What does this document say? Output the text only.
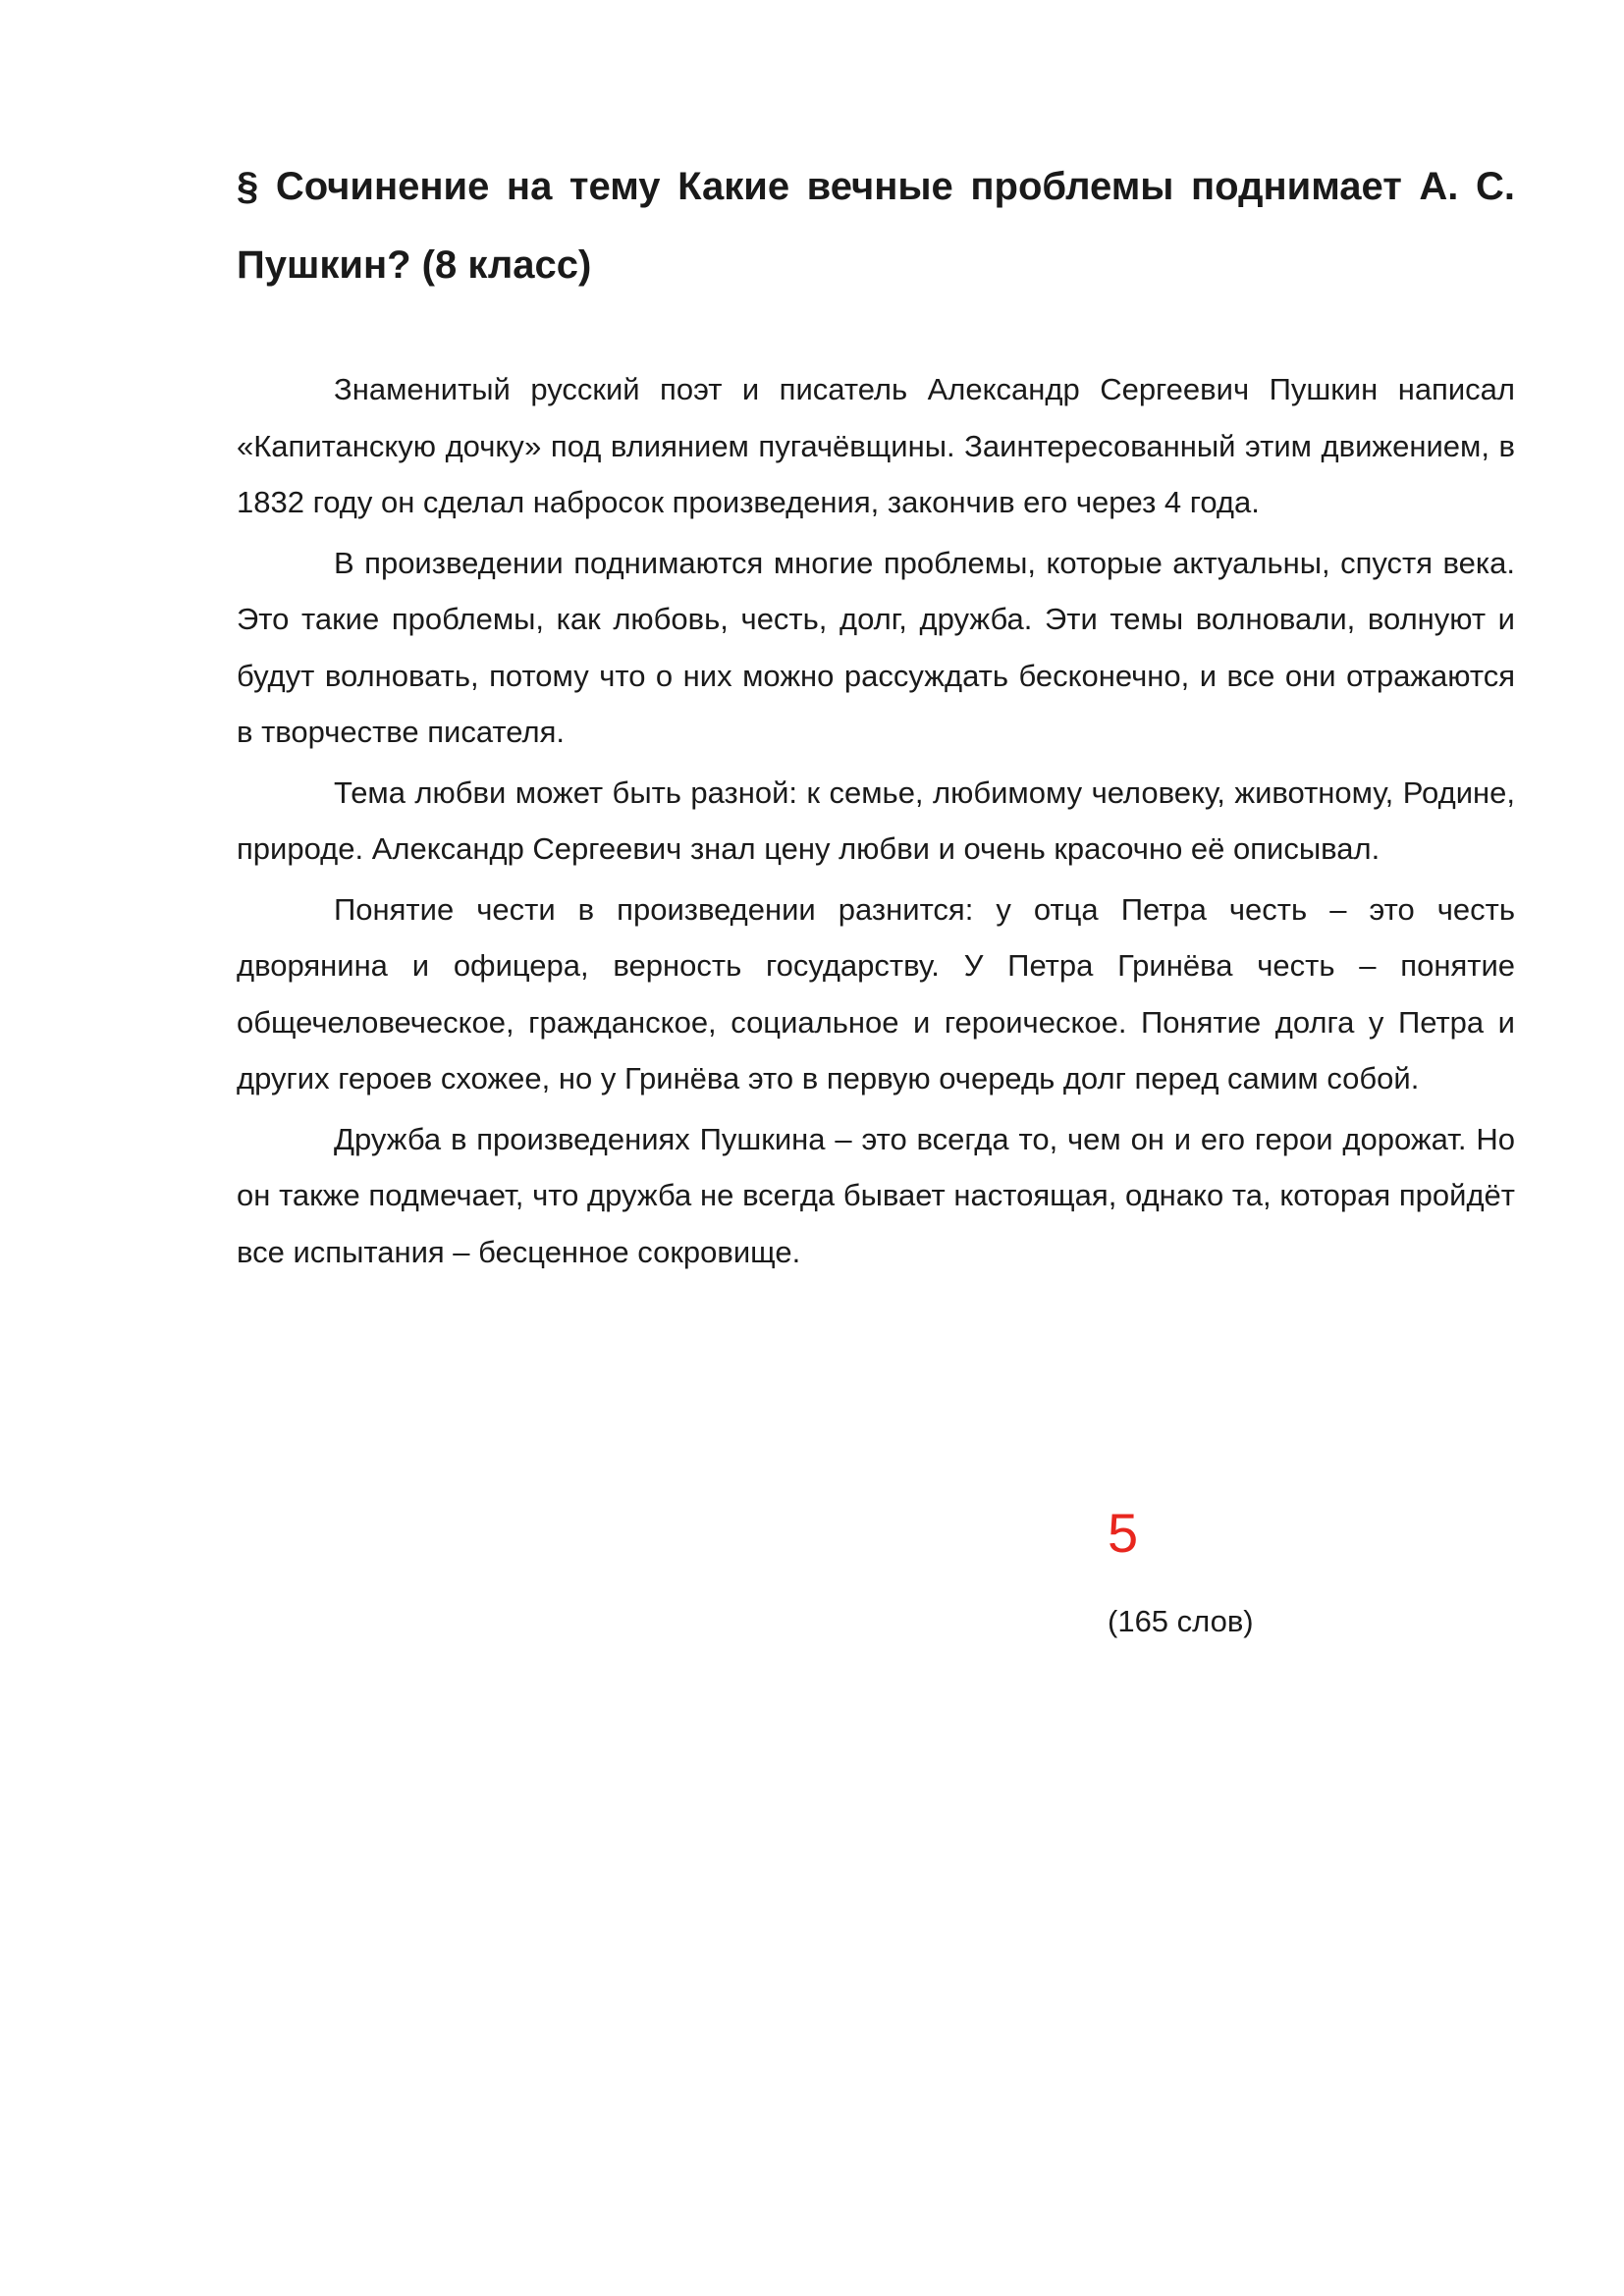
§ Сочинение на тему Какие вечные проблемы поднимает А. С. Пушкин? (8 класс)

Знаменитый русский поэт и писатель Александр Сергеевич Пушкин написал «Капитанскую дочку» под влиянием пугачёвщины. Заинтересованный этим движением, в 1832 году он сделал набросок произведения, закончив его через 4 года.

В произведении поднимаются многие проблемы, которые актуальны, спустя века. Это такие проблемы, как любовь, честь, долг, дружба. Эти темы волновали, волнуют и будут волновать, потому что о них можно рассуждать бесконечно, и все они отражаются в творчестве писателя.

Тема любви может быть разной: к семье, любимому человеку, животному, Родине, природе. Александр Сергеевич знал цену любви и очень красочно её описывал.

Понятие чести в произведении разнится: у отца Петра честь – это честь дворянина и офицера, верность государству. У Петра Гринёва честь – понятие общечеловеческое, гражданское, социальное и героическое. Понятие долга у Петра и других героев схожее, но у Гринёва это в первую очередь долг перед самим собой.

Дружба в произведениях Пушкина – это всегда то, чем он и его герои дорожат. Но он также подмечает, что дружба не всегда бывает настоящая, однако та, которая пройдёт все испытания – бесценное сокровище.

5
(165 слов)
